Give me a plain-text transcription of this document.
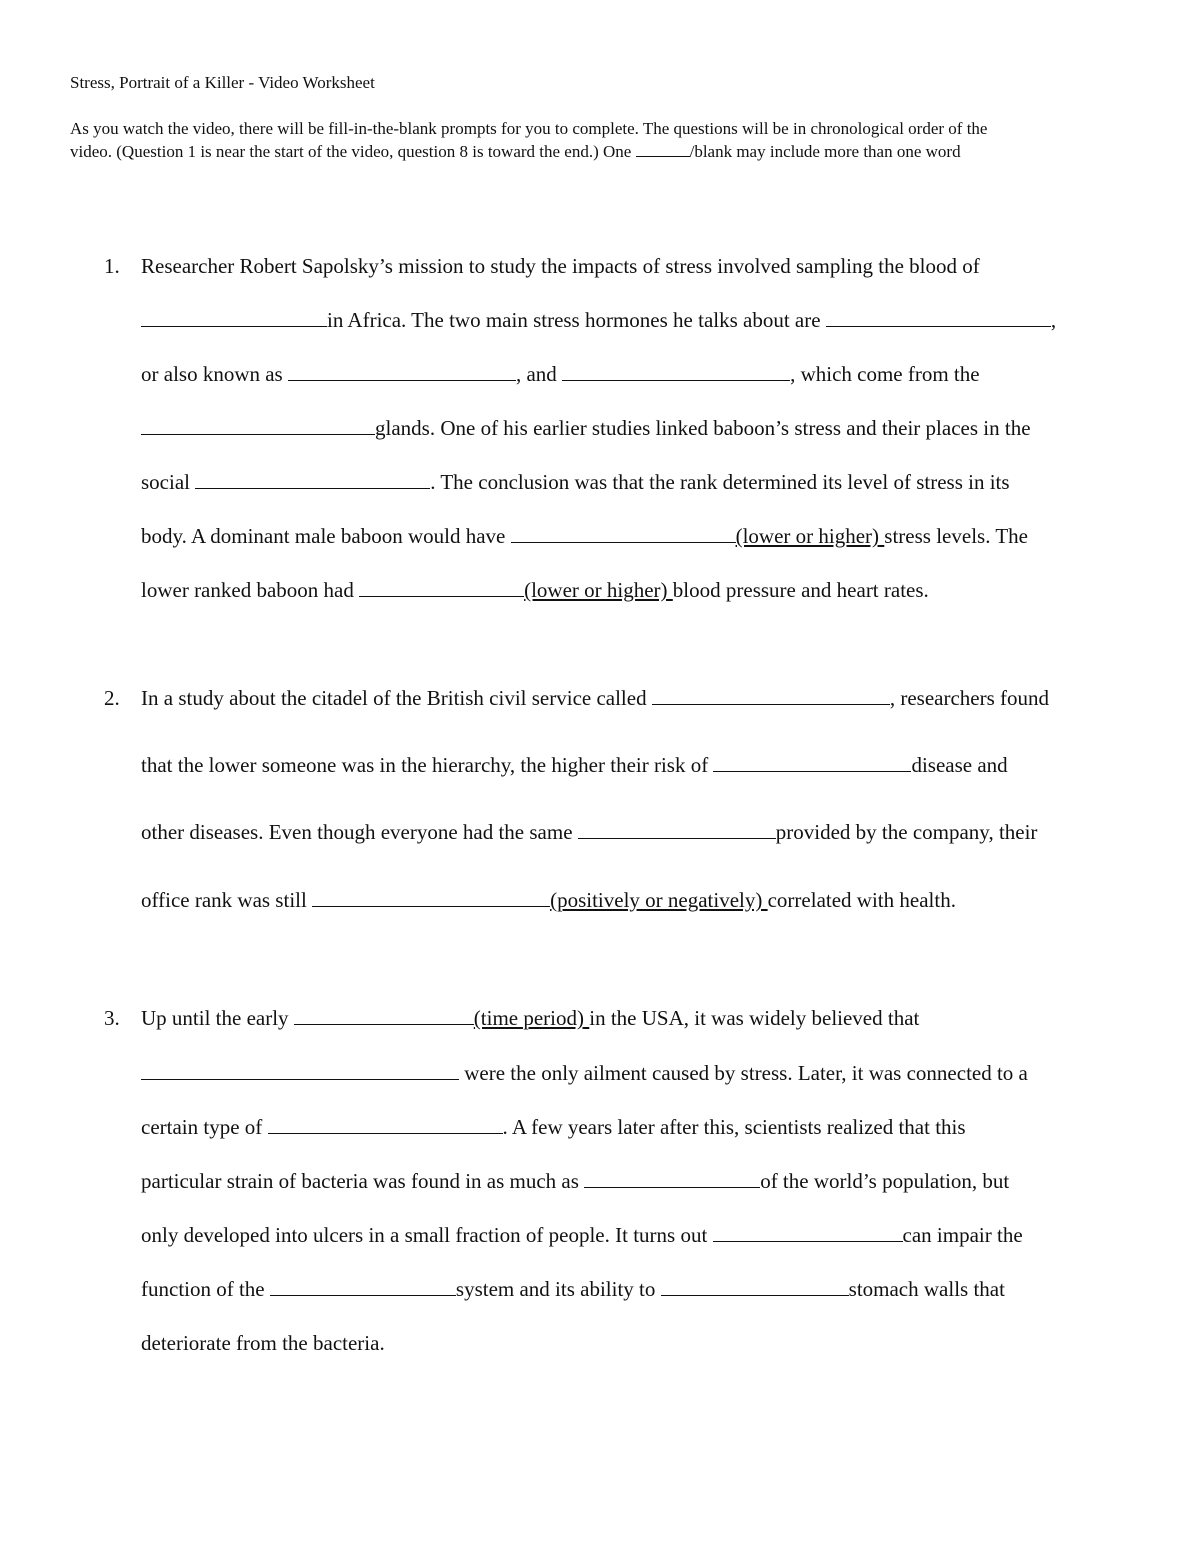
Stress, Portrait of a Killer - Video Worksheet
As you watch the video, there will be fill-in-the-blank prompts for you to complete. The questions will be in chronological order of the
video. (Question 1 is near the start of the video, question 8 is toward the end.) One	/blank may include more than one word
1. Researcher Robert Sapolsky’s mission to study the impacts of stress involved sampling the blood of
in Africa. The two main stress hormones he talks about are	,
or also known as	, and	, which come from the
glands. One of his earlier studies linked baboon’s stress and their places in the
social	. The conclusion was that the rank determined its level of stress in its
body. A dominant male baboon would have	(lower or higher) stress levels. The
lower ranked baboon had	(lower or higher) blood pressure and heart rates.
2. In a study about the citadel of the British civil service called	, researchers found
that the lower someone was in the hierarchy, the higher their risk of	disease and
other diseases. Even though everyone had the same	provided by the company, their
office rank was still	(positively or negatively) correlated with health.
3. Up until the early	(time period) in the USA, it was widely believed that
were the only ailment caused by stress. Later, it was connected to a
certain type of	. A few years later after this, scientists realized that this
particular strain of bacteria was found in as much as	of the world’s population, but
only developed into ulcers in a small fraction of people. It turns out	can impair the
function of the	system and its ability to	stomach walls that
deteriorate from the bacteria.
